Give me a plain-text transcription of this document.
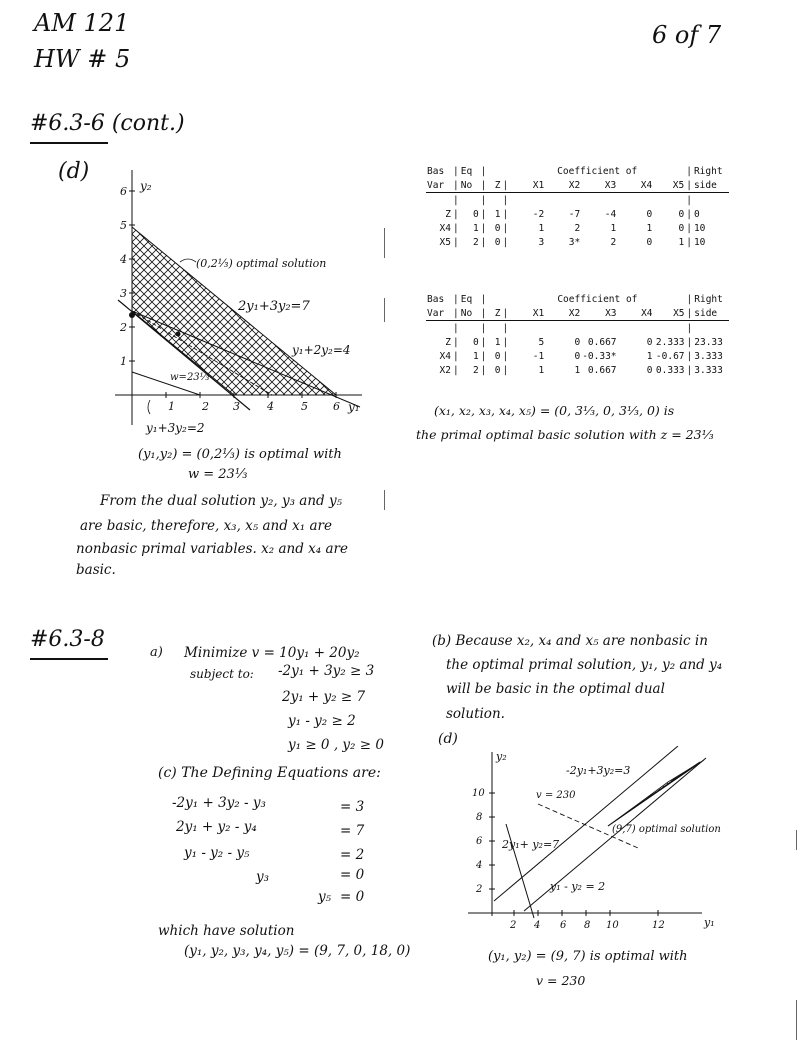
AM 121
HW # 5
6 of 7
#6.3-6 (cont.)
(d)
1 2 3 4 5 6
1
2
3
4
5
6 y₂
y₁
(0,2⅓) optimal solution
2y₁+3y₂=7
y₁+2y₂=4
w=23⅓
y₁+3y₂=2
(y₁,y₂) = (0,2⅓) is optimal with
w = 23⅓
From the dual solution y₂, y₃ and y₅
are basic, therefore, x₃, x₅ and x₁ are
nonbasic primal variables. x₂ and x₄ are
basic.
Bas	|	Eq	|			Coefficient of					|	Right
Var	|	No	|	Z	|	X1	X2	X3	X4	X5	|	side
	|		|		|						|	
Z	|	0	|	1	|	-2	-7	-4	0	0	|	0
X4	|	1	|	0	|	1	2	1	1	0	|	10
X5	|	2	|	0	|	3	3*	2	0	1	|	10
Bas	|	Eq	|			Coefficient of					|	Right
Var	|	No	|	Z	|	X1	X2	X3	X4	X5	|	side
	|		|		|						|	
Z	|	0	|	1	|	5	0	0.667	0	2.333	|	23.33
X4	|	1	|	0	|	-1	0	-0.33*	1	-0.67	|	3.333
X2	|	2	|	0	|	1	1	0.667	0	0.333	|	3.333
(x₁, x₂, x₃, x₄, x₅) = (0, 3⅓, 0, 3⅓, 0) is
the primal optimal basic solution with z = 23⅓
#6.3-8
a) Minimize v = 10y₁ + 20y₂
subject to: -2y₁ + 3y₂ ≥ 3
2y₁ + y₂ ≥ 7
y₁ - y₂ ≥ 2
y₁ ≥ 0 , y₂ ≥ 0
(c) The Defining Equations are:
-2y₁ + 3y₂ - y₃	= 3
2y₁ + y₂ - y₄	= 7
y₁ - y₂ - y₅	= 2
y₃	= 0
y₅ = 0
which have solution
(y₁, y₂, y₃, y₄, y₅) = (9, 7, 0, 18, 0)
(b) Because x₂, x₄ and x₅ are nonbasic in
the optimal primal solution, y₁, y₂ and y₄
will be basic in the optimal dual
solution.
(d)
2 4 6 8 10	12
2
4
6
8
10
y₂
y₁
-2y₁+3y₂=3
v = 230
(9,7) optimal solution
2y₁+ y₂=7
y₁ - y₂ = 2
(y₁, y₂) = (9, 7) is optimal with
v = 230
